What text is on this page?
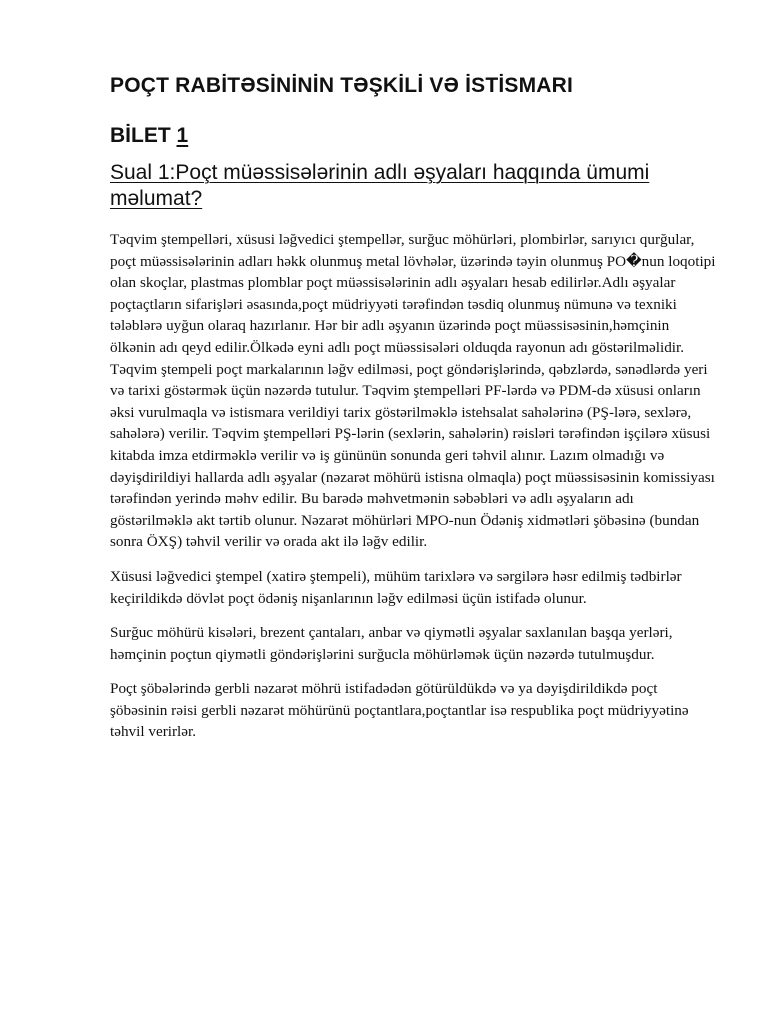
POÇT RABİTƏSİNİNİN TƏŞKİLİ VƏ İSTİSMARI
BİLET 1

Sual 1:Poçt müəssisələrinin adlı əşyaları haqqında ümumi məlumat?

Təqvim ştempelləri, xüsusi ləğvedici ştempellər, surğuc möhürləri, plombirlər, sarıyıcı qurğular, poçt müəssisələrinin adları həkk olunmuş metal lövhələr, üzərində təyin olunmuş PO�nun loqotipi olan skoçlar, plastmas plomblar poçt müəssisələrinin adlı əşyaları hesab edilirlər.Adlı əşyalar poçtaçtların sifarişləri əsasında,poçt müdriyyəti tərəfindən təsdiq olunmuş nümunə və texniki tələblərə uyğun olaraq hazırlanır. Hər bir adlı əşyanın üzərində poçt müəssisəsinin,həmçinin ölkənin adı qeyd edilir.Ölkədə eyni adlı poçt müəssisələri olduqda rayonun adı göstərilməlidir. Təqvim ştempeli poçt markalarının ləğv edilməsi, poçt göndərişlərində, qəbzlərdə, sənədlərdə yeri və tarixi göstərmək üçün nəzərdə tutulur. Təqvim ştempelləri PF-lərdə və PDM-də xüsusi onların əksi vurulmaqla və istismara verildiyi tarix göstərilməklə istehsalat sahələrinə (PŞ-lərə, sexlərə, sahələrə) verilir. Təqvim ştempelləri PŞ-lərin (sexlərin, sahələrin) rəisləri tərəfindən işçilərə xüsusi kitabda imza etdirməklə verilir və iş gününün sonunda geri təhvil alınır. Lazım olmadığı və dəyişdirildiyi hallarda adlı əşyalar (nəzarət möhürü istisna olmaqla) poçt müəssisəsinin komissiyası tərəfindən yerində məhv edilir. Bu barədə məhvetmənin səbəbləri və adlı əşyaların adı göstərilməklə akt tərtib olunur. Nəzarət möhürləri MPO-nun Ödəniş xidmətləri şöbəsinə (bundan sonra ÖXŞ) təhvil verilir və orada akt ilə ləğv edilir.

Xüsusi ləğvedici ştempel (xatirə ştempeli), mühüm tarixlərə və sərgilərə həsr edilmiş tədbirlər keçirildikdə dövlət poçt ödəniş nişanlarının ləğv edilməsi üçün istifadə olunur.

Surğuc möhürü kisələri, brezent çantaları, anbar və qiymətli əşyalar saxlanılan başqa yerləri, həmçinin poçtun qiymətli göndərişlərini surğucla möhürləmək üçün nəzərdə tutulmuşdur.

Poçt şöbələrində gerbli nəzarət möhrü istifadədən götürüldükdə və ya dəyişdirildikdə poçt şöbəsinin rəisi gerbli nəzarət möhürünü poçtantlara,poçtantlar isə respublika poçt müdriyyətinə təhvil verirlər.
